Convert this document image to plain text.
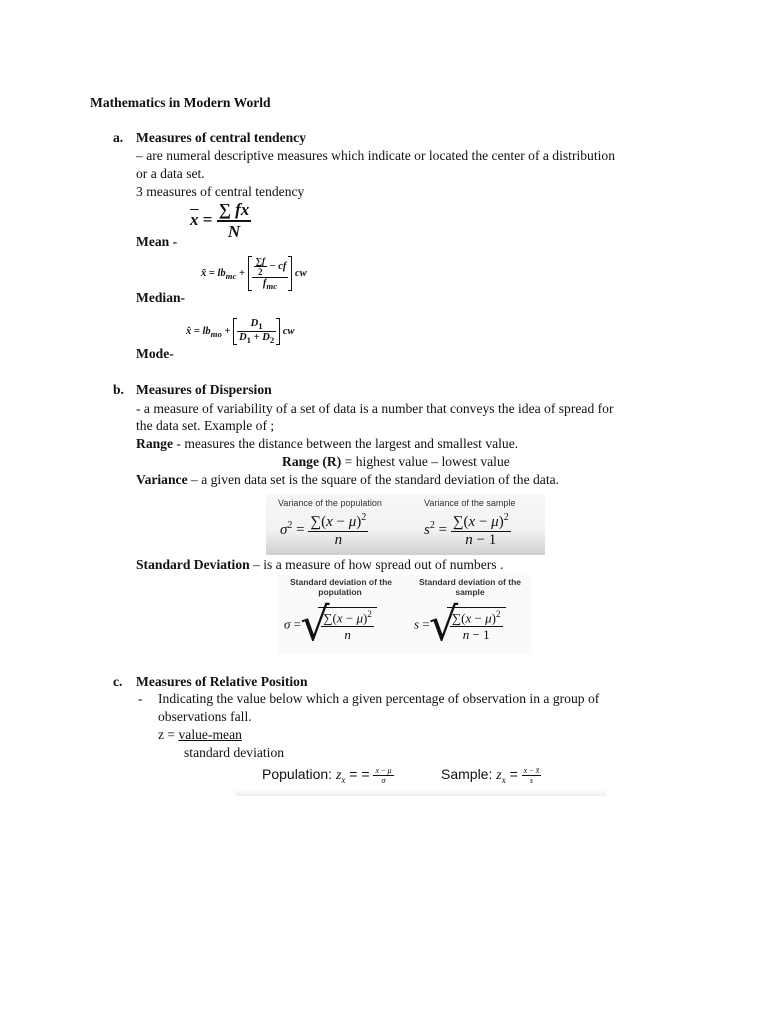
Mathematics in Modern World
a. Measures of central tendency
– are numeral descriptive measures which indicate or located the center of a distribution
or a data set.
3 measures of central tendency
Mean -
$\overline{x} = \frac{\sum fx}{N}$
Median-
x̃ = $lb_{mc} + \frac{\frac{\sum f}{2} - cf}{f_{mc}}$ cw
Mode-
x̂ = $lb_{mo} + \frac{D_1}{D_1 + D_2}$ cw
b. Measures of Dispersion
- a measure of variability of a set of data is a number that conveys the idea of spread for
the data set. Example of ;
Range - measures the distance between the largest and smallest value.
Range (R) = highest value – lowest value
Variance – a given data set is the square of the standard deviation of the data.
Variance of the population	Variance of the sample
$\sigma^2 = \frac{\sum(x - \mu)^2}{n}$	$s^2 = \frac{\sum(x - \mu)^2}{n - 1}$
Standard Deviation – is a measure of how spread out of numbers .
Standard deviation of the
population
Standard deviation of the
sample
σ = √ $\frac{\sum(x - \mu)^2}{n}$	s = √ $\frac{\sum(x - \mu)^2}{n - 1}$
c. Measures of Relative Position
- Indicating the value below which a given percentage of observation in a group of
observations fall.
z = value-mean
standard deviation
Population: $z_x$ = = $\frac{x - \mu}{\sigma}$	Sample: $z_x = \frac{x - x̄}{s}$
